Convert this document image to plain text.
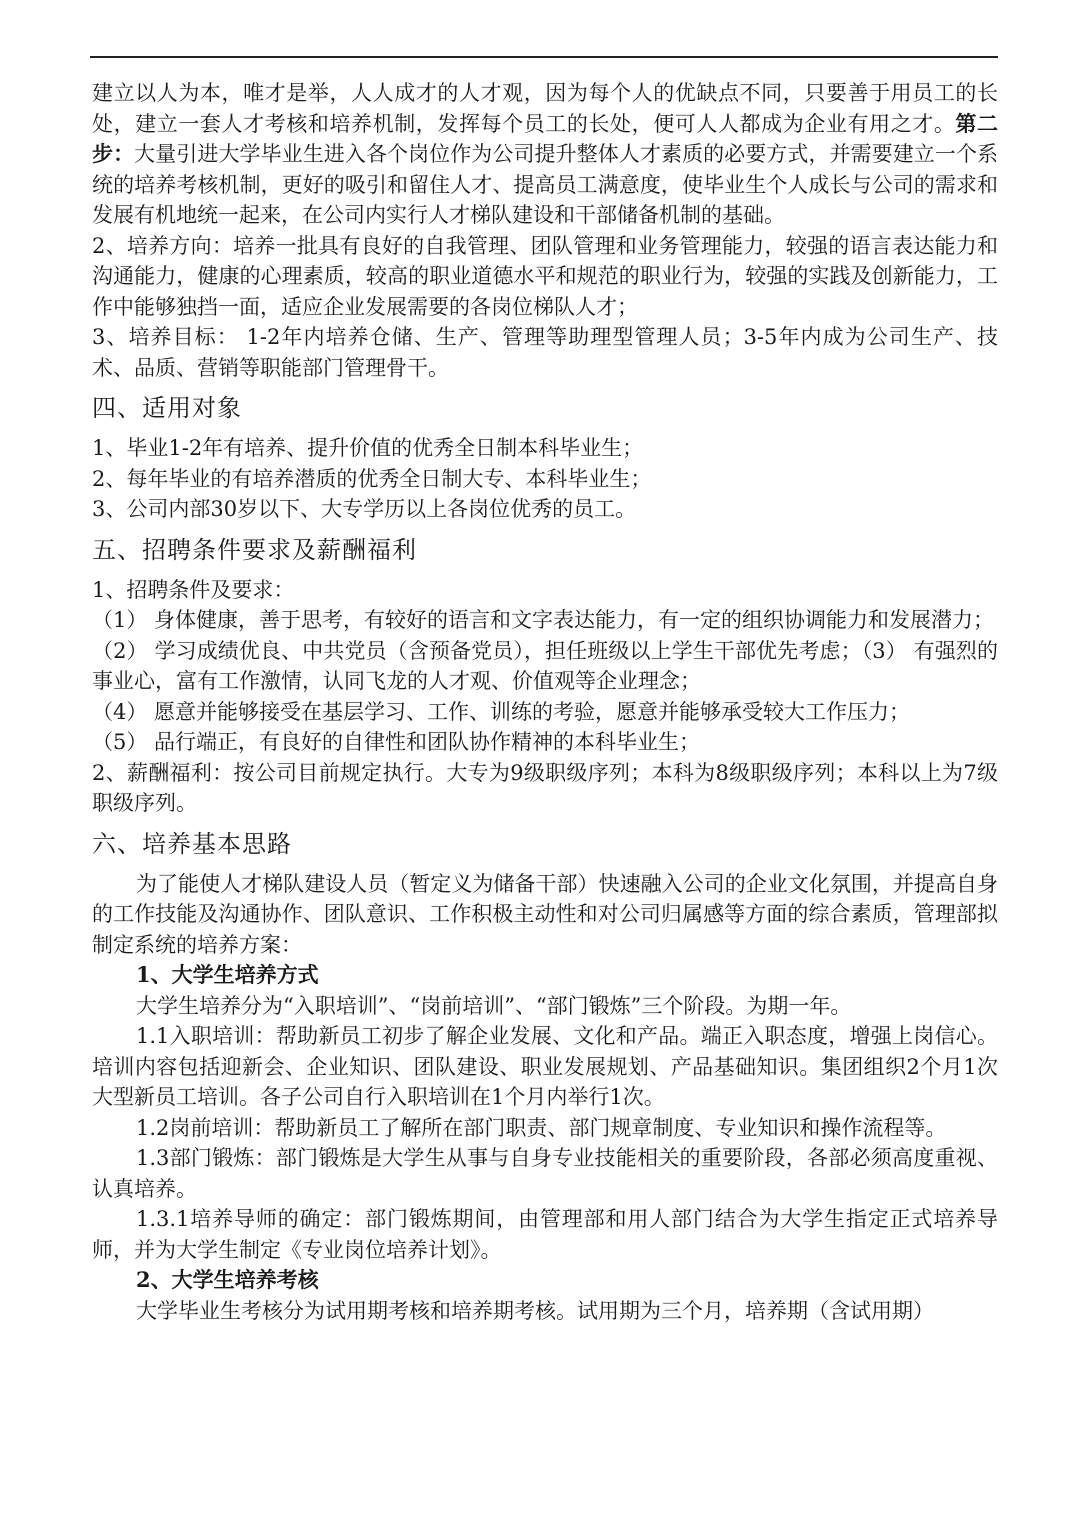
建立以人为本，唯才是举，人人成才的人才观，因为每个人的优缺点不同，只要善于用员工的长处，建立一套人才考核和培养机制，发挥每个员工的长处，便可人人都成为企业有用之才。第二步：大量引进大学毕业生进入各个岗位作为公司提升整体人才素质的必要方式，并需要建立一个系统的培养考核机制，更好的吸引和留住人才、提高员工满意度，使毕业生个人成长与公司的需求和发展有机地统一起来，在公司内实行人才梯队建设和干部储备机制的基础。

2、培养方向：培养一批具有良好的自我管理、团队管理和业务管理能力，较强的语言表达能力和沟通能力，健康的心理素质，较高的职业道德水平和规范的职业行为，较强的实践及创新能力，工作中能够独挡一面，适应企业发展需要的各岗位梯队人才；

3、培养目标： 1-2年内培养仓储、生产、管理等助理型管理人员；3-5年内成为公司生产、技术、品质、营销等职能部门管理骨干。

四、适用对象

1、毕业1-2年有培养、提升价值的优秀全日制本科毕业生；

2、每年毕业的有培养潜质的优秀全日制大专、本科毕业生；

3、公司内部30岁以下、大专学历以上各岗位优秀的员工。

五、招聘条件要求及薪酬福利

1、招聘条件及要求：

（1） 身体健康，善于思考，有较好的语言和文字表达能力，有一定的组织协调能力和发展潜力；

（2） 学习成绩优良、中共党员（含预备党员），担任班级以上学生干部优先考虑；（3） 有强烈的事业心，富有工作激情，认同飞龙的人才观、价值观等企业理念；

（4） 愿意并能够接受在基层学习、工作、训练的考验，愿意并能够承受较大工作压力；

（5） 品行端正，有良好的自律性和团队协作精神的本科毕业生；

2、薪酬福利：按公司目前规定执行。大专为9级职级序列；本科为8级职级序列；本科以上为7级职级序列。

六、培养基本思路

为了能使人才梯队建设人员（暂定义为储备干部）快速融入公司的企业文化氛围，并提高自身的工作技能及沟通协作、团队意识、工作积极主动性和对公司归属感等方面的综合素质，管理部拟制定系统的培养方案：

1、大学生培养方式

大学生培养分为“入职培训”、“岗前培训”、“部门锻炼”三个阶段。为期一年。

1.1入职培训：帮助新员工初步了解企业发展、文化和产品。端正入职态度，增强上岗信心。培训内容包括迎新会、企业知识、团队建设、职业发展规划、产品基础知识。集团组织2个月1次大型新员工培训。各子公司自行入职培训在1个月内举行1次。

1.2岗前培训：帮助新员工了解所在部门职责、部门规章制度、专业知识和操作流程等。

1.3部门锻炼：部门锻炼是大学生从事与自身专业技能相关的重要阶段，各部必须高度重视、认真培养。

1.3.1培养导师的确定：部门锻炼期间，由管理部和用人部门结合为大学生指定正式培养导师，并为大学生制定《专业岗位培养计划》。

2、大学生培养考核

大学毕业生考核分为试用期考核和培养期考核。试用期为三个月，培养期（含试用期）
